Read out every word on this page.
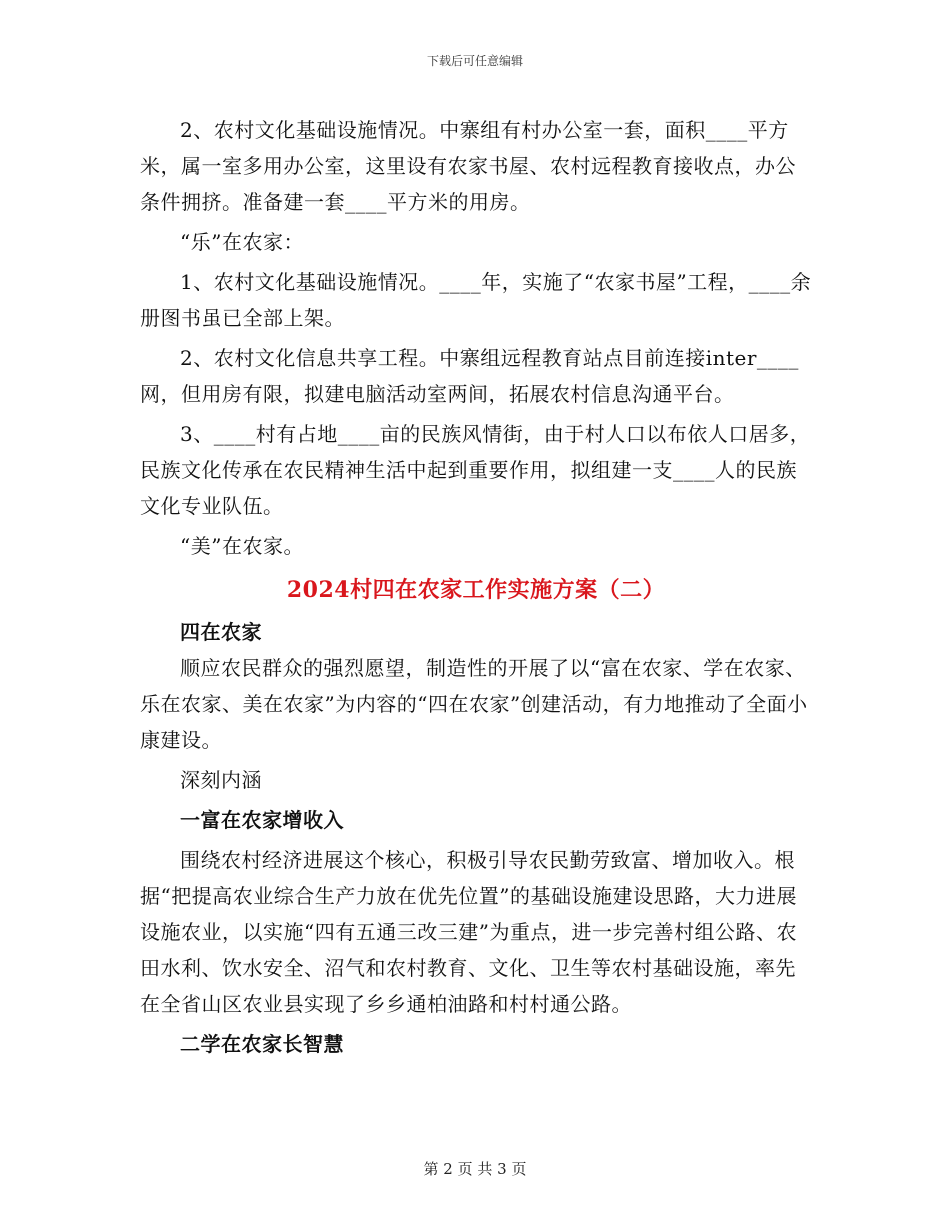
下载后可任意编辑

2、农村文化基础设施情况。中寨组有村办公室一套，面积____平方米，属一室多用办公室，这里设有农家书屋、农村远程教育接收点，办公条件拥挤。准备建一套____平方米的用房。

“乐”在农家：

1、农村文化基础设施情况。____年，实施了“农家书屋”工程，____余册图书虽已全部上架。

2、农村文化信息共享工程。中寨组远程教育站点目前连接inter____网，但用房有限，拟建电脑活动室两间，拓展农村信息沟通平台。

3、____村有占地____亩的民族风情街，由于村人口以布依人口居多，民族文化传承在农民精神生活中起到重要作用，拟组建一支____人的民族文化专业队伍。

“美”在农家。

2024村四在农家工作实施方案（二）

四在农家

顺应农民群众的强烈愿望，制造性的开展了以“富在农家、学在农家、乐在农家、美在农家”为内容的“四在农家”创建活动，有力地推动了全面小康建设。

深刻内涵

一富在农家增收入

围绕农村经济进展这个核心，积极引导农民勤劳致富、增加收入。根据“把提高农业综合生产力放在优先位置”的基础设施建设思路，大力进展设施农业，以实施“四有五通三改三建”为重点，进一步完善村组公路、农田水利、饮水安全、沼气和农村教育、文化、卫生等农村基础设施，率先在全省山区农业县实现了乡乡通柏油路和村村通公路。

二学在农家长智慧

第 2 页 共 3 页
